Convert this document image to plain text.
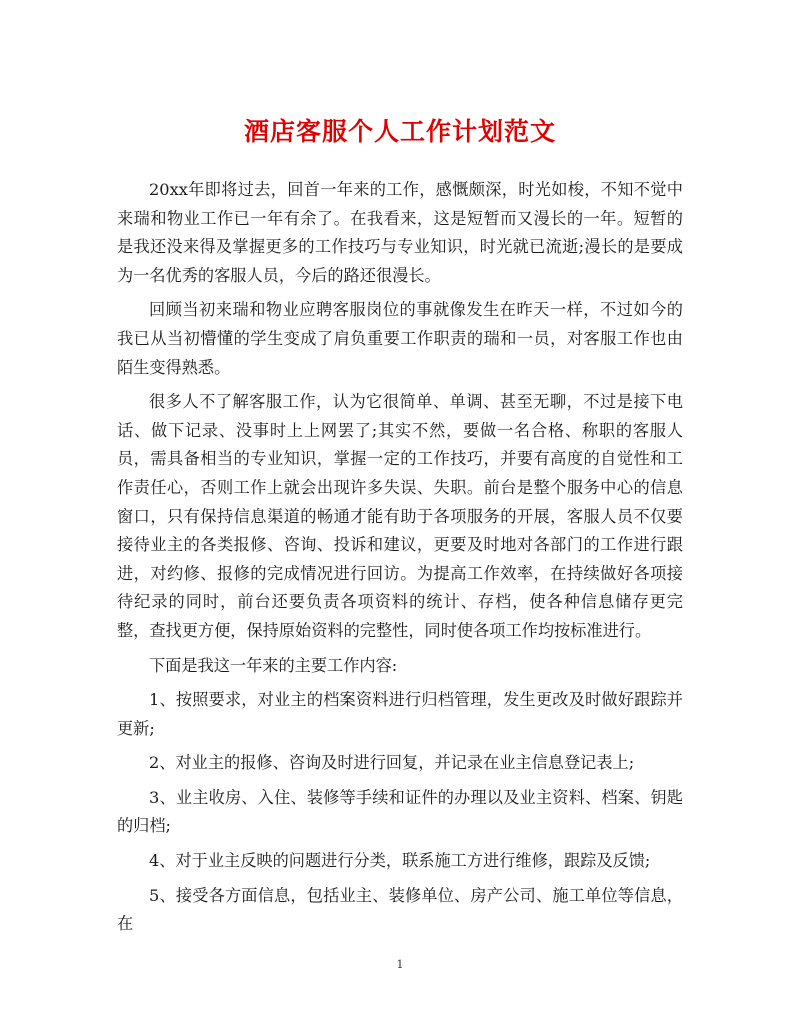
酒店客服个人工作计划范文

20xx年即将过去，回首一年来的工作，感慨颇深，时光如梭，不知不觉中来瑞和物业工作已一年有余了。在我看来，这是短暂而又漫长的一年。短暂的是我还没来得及掌握更多的工作技巧与专业知识，时光就已流逝;漫长的是要成为一名优秀的客服人员，今后的路还很漫长。

回顾当初来瑞和物业应聘客服岗位的事就像发生在昨天一样，不过如今的我已从当初懵懂的学生变成了肩负重要工作职责的瑞和一员，对客服工作也由陌生变得熟悉。

很多人不了解客服工作，认为它很简单、单调、甚至无聊，不过是接下电话、做下记录、没事时上上网罢了;其实不然，要做一名合格、称职的客服人员，需具备相当的专业知识，掌握一定的工作技巧，并要有高度的自觉性和工作责任心，否则工作上就会出现许多失误、失职。前台是整个服务中心的信息窗口，只有保持信息渠道的畅通才能有助于各项服务的开展，客服人员不仅要接待业主的各类报修、咨询、投诉和建议，更要及时地对各部门的工作进行跟进，对约修、报修的完成情况进行回访。为提高工作效率，在持续做好各项接待纪录的同时，前台还要负责各项资料的统计、存档，使各种信息储存更完整，查找更方便，保持原始资料的完整性，同时使各项工作均按标准进行。

下面是我这一年来的主要工作内容:

1、按照要求，对业主的档案资料进行归档管理，发生更改及时做好跟踪并更新;

2、对业主的报修、咨询及时进行回复，并记录在业主信息登记表上;

3、业主收房、入住、装修等手续和证件的办理以及业主资料、档案、钥匙的归档;

4、对于业主反映的问题进行分类，联系施工方进行维修，跟踪及反馈;

5、接受各方面信息，包括业主、装修单位、房产公司、施工单位等信息，在

1
